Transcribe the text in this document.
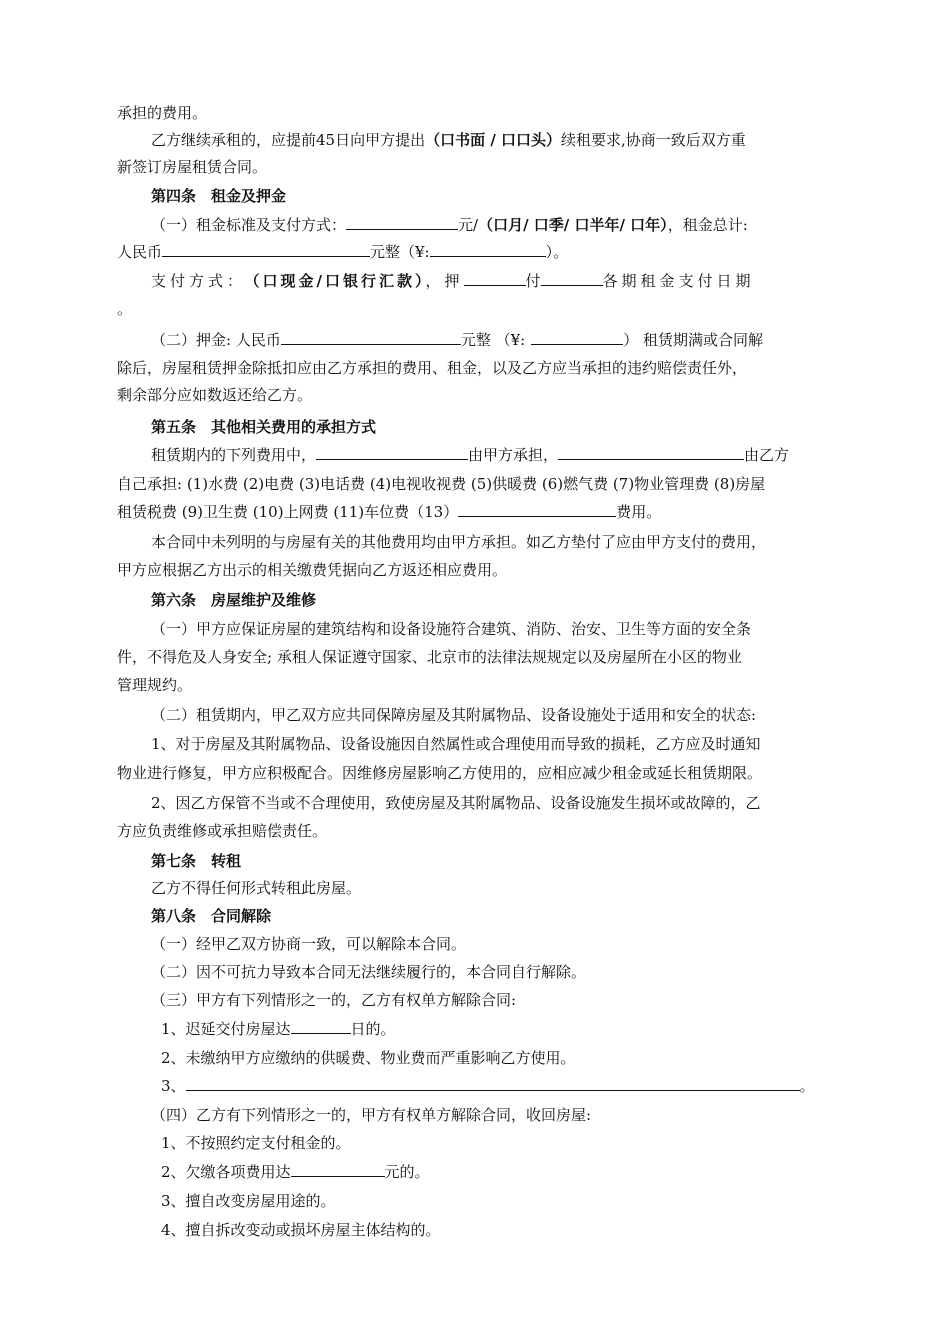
承担的费用。
乙方继续承租的，应提前45日向甲方提出（口书面 / 口口头）续租要求,协商一致后双方重
新签订房屋租赁合同。
第四条　租金及押金
（一）租金标准及支付方式：	元/（口月/ 口季/ 口半年/ 口年），租金总计:
人民币	元整（¥:	）。
支付方式： （口现金/口银行汇款），押	付	各期租金支付日期
。
（二）押金: 人民币	元整 （¥:	） 租赁期满或合同解
除后，房屋租赁押金除抵扣应由乙方承担的费用、租金，以及乙方应当承担的违约赔偿责任外，
剩余部分应如数返还给乙方。
第五条　其他相关费用的承担方式
租赁期内的下列费用中，	由甲方承担，	由乙方
自己承担: (1)水费 (2)电费 (3)电话费 (4)电视收视费 (5)供暖费 (6)燃气费 (7)物业管理费 (8)房屋
租赁税费 (9)卫生费 (10)上网费 (11)车位费（13）	费用。
本合同中未列明的与房屋有关的其他费用均由甲方承担。如乙方垫付了应由甲方支付的费用，
甲方应根据乙方出示的相关缴费凭据向乙方返还相应费用。
第六条　房屋维护及维修
（一）甲方应保证房屋的建筑结构和设备设施符合建筑、消防、治安、卫生等方面的安全条
件，不得危及人身安全; 承租人保证遵守国家、北京市的法律法规规定以及房屋所在小区的物业
管理规约。
（二）租赁期内，甲乙双方应共同保障房屋及其附属物品、设备设施处于适用和安全的状态:
1、对于房屋及其附属物品、设备设施因自然属性或合理使用而导致的损耗，乙方应及时通知
物业进行修复，甲方应积极配合。因维修房屋影响乙方使用的，应相应减少租金或延长租赁期限。
2、因乙方保管不当或不合理使用，致使房屋及其附属物品、设备设施发生损坏或故障的，乙
方应负责维修或承担赔偿责任。
第七条　转租
乙方不得任何形式转租此房屋。
第八条　合同解除
（一）经甲乙双方协商一致，可以解除本合同。
（二）因不可抗力导致本合同无法继续履行的，本合同自行解除。
（三）甲方有下列情形之一的，乙方有权单方解除合同:
1、迟延交付房屋达	日的。
2、未缴纳甲方应缴纳的供暖费、物业费而严重影响乙方使用。
3、	。
（四）乙方有下列情形之一的，甲方有权单方解除合同，收回房屋:
1、不按照约定支付租金的。
2、欠缴各项费用达	元的。
3、擅自改变房屋用途的。
4、擅自拆改变动或损坏房屋主体结构的。
